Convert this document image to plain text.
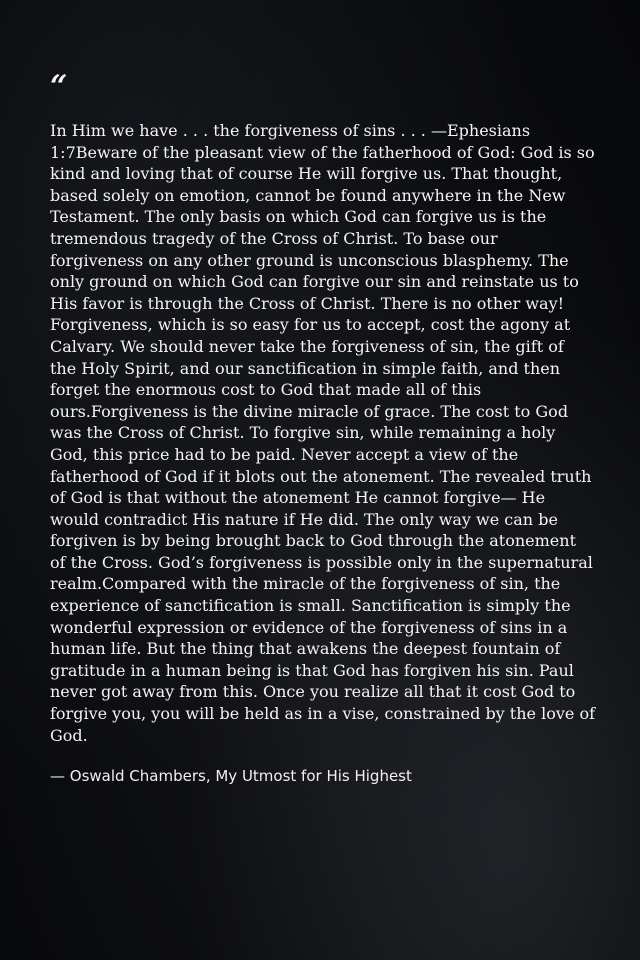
“

In Him we have . . . the forgiveness of sins . . . —Ephesians 1:7Beware of the pleasant view of the fatherhood of God: God is so kind and loving that of course He will forgive us. That thought, based solely on emotion, cannot be found anywhere in the New Testament. The only basis on which God can forgive us is the tremendous tragedy of the Cross of Christ. To base our forgiveness on any other ground is unconscious blasphemy. The only ground on which God can forgive our sin and reinstate us to His favor is through the Cross of Christ. There is no other way! Forgiveness, which is so easy for us to accept, cost the agony at Calvary. We should never take the forgiveness of sin, the gift of the Holy Spirit, and our sanctification in simple faith, and then forget the enormous cost to God that made all of this ours.Forgiveness is the divine miracle of grace. The cost to God was the Cross of Christ. To forgive sin, while remaining a holy God, this price had to be paid. Never accept a view of the fatherhood of God if it blots out the atonement. The revealed truth of God is that without the atonement He cannot forgive— He would contradict His nature if He did. The only way we can be forgiven is by being brought back to God through the atonement of the Cross. God’s forgiveness is possible only in the supernatural realm.Compared with the miracle of the forgiveness of sin, the experience of sanctification is small. Sanctification is simply the wonderful expression or evidence of the forgiveness of sins in a human life. But the thing that awakens the deepest fountain of gratitude in a human being is that God has forgiven his sin. Paul never got away from this. Once you realize all that it cost God to forgive you, you will be held as in a vise, constrained by the love of God.

— Oswald Chambers, My Utmost for His Highest
